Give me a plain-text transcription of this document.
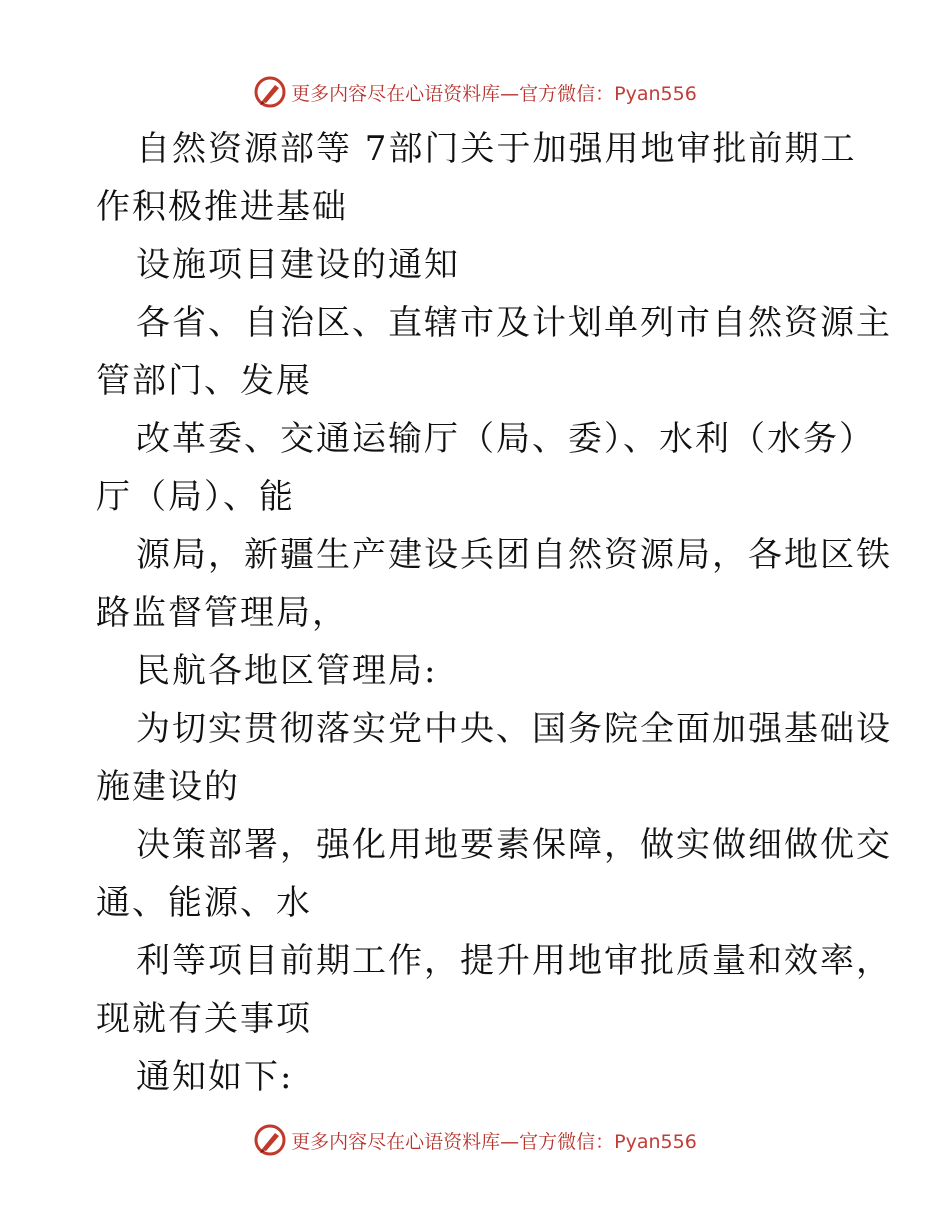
更多内容尽在心语资料库—官方微信：Pyan556
自然资源部等 7部门关于加强用地审批前期工
作积极推进基础
设施项目建设的通知
各省、自治区、直辖市及计划单列市自然资源主
管部门、发展
改革委、交通运输厅（局、委）、水利（水务）
厅（局）、能
源局，新疆生产建设兵团自然资源局，各地区铁
路监督管理局，
民航各地区管理局:
为切实贯彻落实党中央、国务院全面加强基础设
施建设的
决策部署，强化用地要素保障，做实做细做优交
通、能源、水
利等项目前期工作，提升用地审批质量和效率，
现就有关事项
通知如下:
更多内容尽在心语资料库—官方微信：Pyan556
